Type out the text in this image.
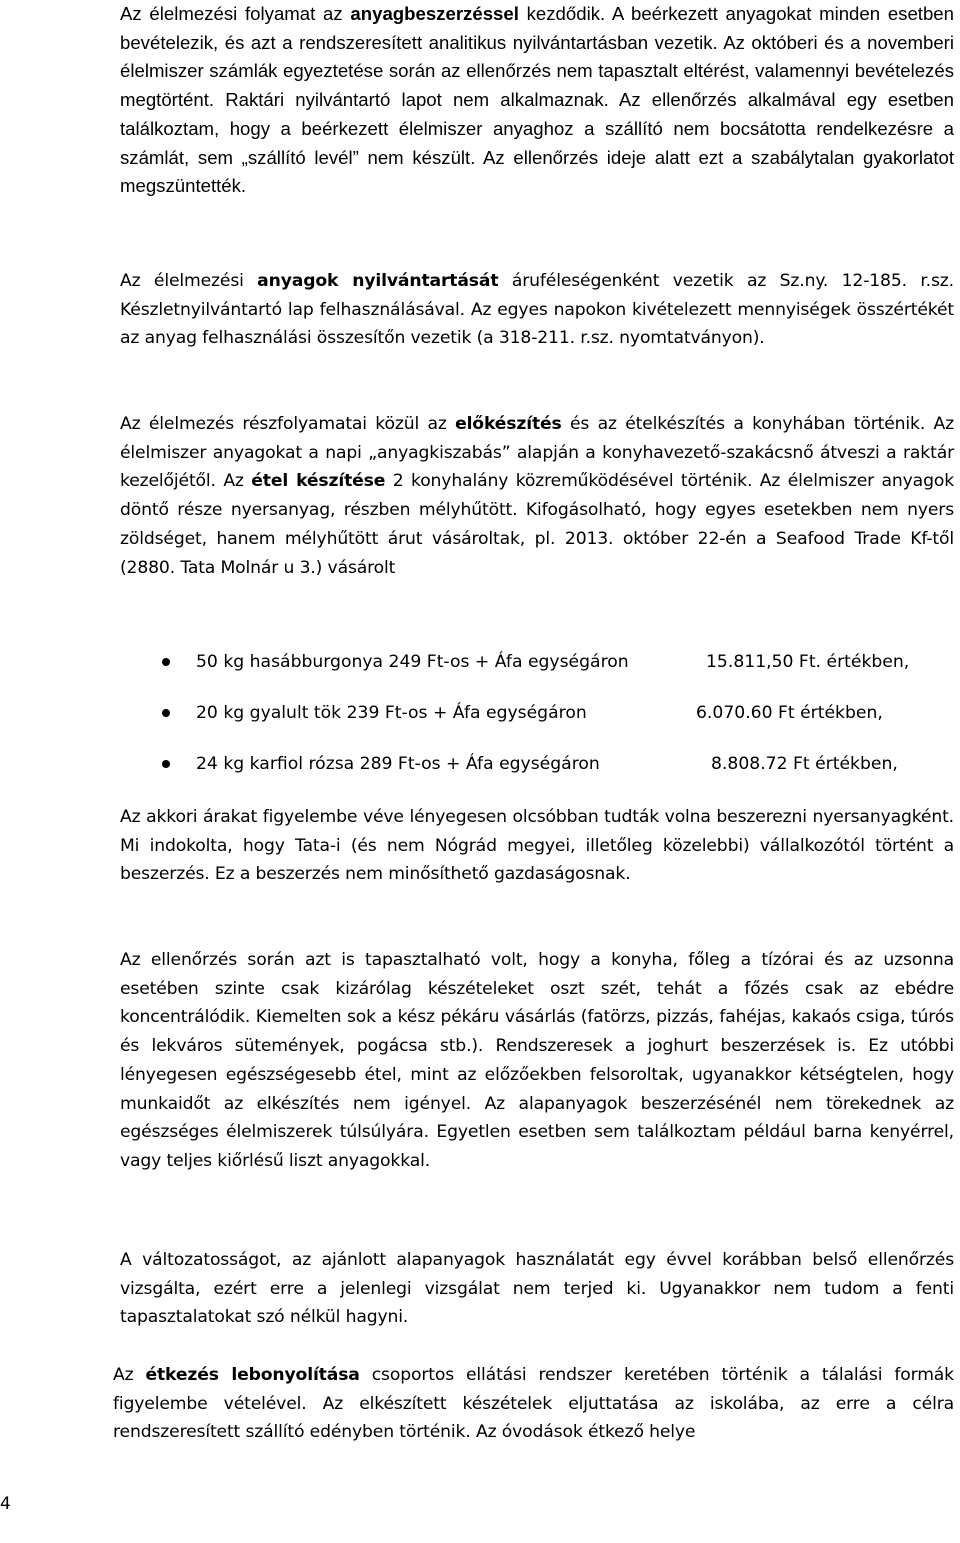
Az élelmezési folyamat az anyagbeszerzéssel kezdődik. A beérkezett anyagokat minden esetben bevételezik, és azt a rendszeresített analitikus nyilvántartásban vezetik. Az októberi és a novemberi élelmiszer számlák egyeztetése során az ellenőrzés nem tapasztalt eltérést, valamennyi bevételezés megtörtént. Raktári nyilvántartó lapot nem alkalmaznak. Az ellenőrzés alkalmával egy esetben találkoztam, hogy a beérkezett élelmiszer anyaghoz a szállító nem bocsátotta rendelkezésre a számlát, sem „szállító levél” nem készült. Az ellenőrzés ideje alatt ezt a szabálytalan gyakorlatot megszüntették.

Az élelmezési anyagok nyilvántartását áruféleségenként vezetik az Sz.ny. 12-185. r.sz. Készletnyilvántartó lap felhasználásával. Az egyes napokon kivételezett mennyiségek összértékét az anyag felhasználási összesítőn vezetik (a 318-211. r.sz. nyomtatványon).

Az élelmezés részfolyamatai közül az előkészítés és az ételkészítés a konyhában történik. Az élelmiszer anyagokat a napi „anyagkiszabás” alapján a konyhavezető-szakácsnő átveszi a raktár kezelőjétől. Az étel készítése 2 konyhalány közreműködésével történik. Az élelmiszer anyagok döntő része nyersanyag, részben mélyhűtött. Kifogásolható, hogy egyes esetekben nem nyers zöldséget, hanem mélyhűtött árut vásároltak, pl. 2013. október 22-én a Seafood Trade Kf-től (2880. Tata Molnár u 3.) vásárolt

50 kg hasábburgonya 249 Ft-os + Áfa egységáron	15.811,50 Ft. értékben,
20 kg gyalult tök 239 Ft-os + Áfa egységáron	6.070.60 Ft értékben,
24 kg karfiol rózsa 289 Ft-os + Áfa egységáron	8.808.72 Ft értékben,

Az akkori árakat figyelembe véve lényegesen olcsóbban tudták volna beszerezni nyersanyagként. Mi indokolta, hogy Tata-i (és nem Nógrád megyei, illetőleg közelebbi) vállalkozótól történt a beszerzés. Ez a beszerzés nem minősíthető gazdaságosnak.

Az ellenőrzés során azt is tapasztalható volt, hogy a konyha, főleg a tízórai és az uzsonna esetében szinte csak kizárólag készételeket oszt szét, tehát a főzés csak az ebédre koncentrálódik. Kiemelten sok a kész pékáru vásárlás (fatörzs, pizzás, fahéjas, kakaós csiga, túrós és lekváros sütemények, pogácsa stb.). Rendszeresek a joghurt beszerzések is. Ez utóbbi lényegesen egészségesebb étel, mint az előzőekben felsoroltak, ugyanakkor kétségtelen, hogy munkaidőt az elkészítés nem igényel. Az alapanyagok beszerzésénél nem törekednek az egészséges élelmiszerek túlsúlyára. Egyetlen esetben sem találkoztam például barna kenyérrel, vagy teljes kiőrlésű liszt anyagokkal.

A változatosságot, az ajánlott alapanyagok használatát egy évvel korábban belső ellenőrzés vizsgálta, ezért erre a jelenlegi vizsgálat nem terjed ki. Ugyanakkor nem tudom a fenti tapasztalatokat szó nélkül hagyni.

Az étkezés lebonyolítása csoportos ellátási rendszer keretében történik a tálalási formák figyelembe vételével. Az elkészített készételek eljuttatása az iskolába, az erre a célra rendszeresített szállító edényben történik. Az óvodások étkező helye

4
